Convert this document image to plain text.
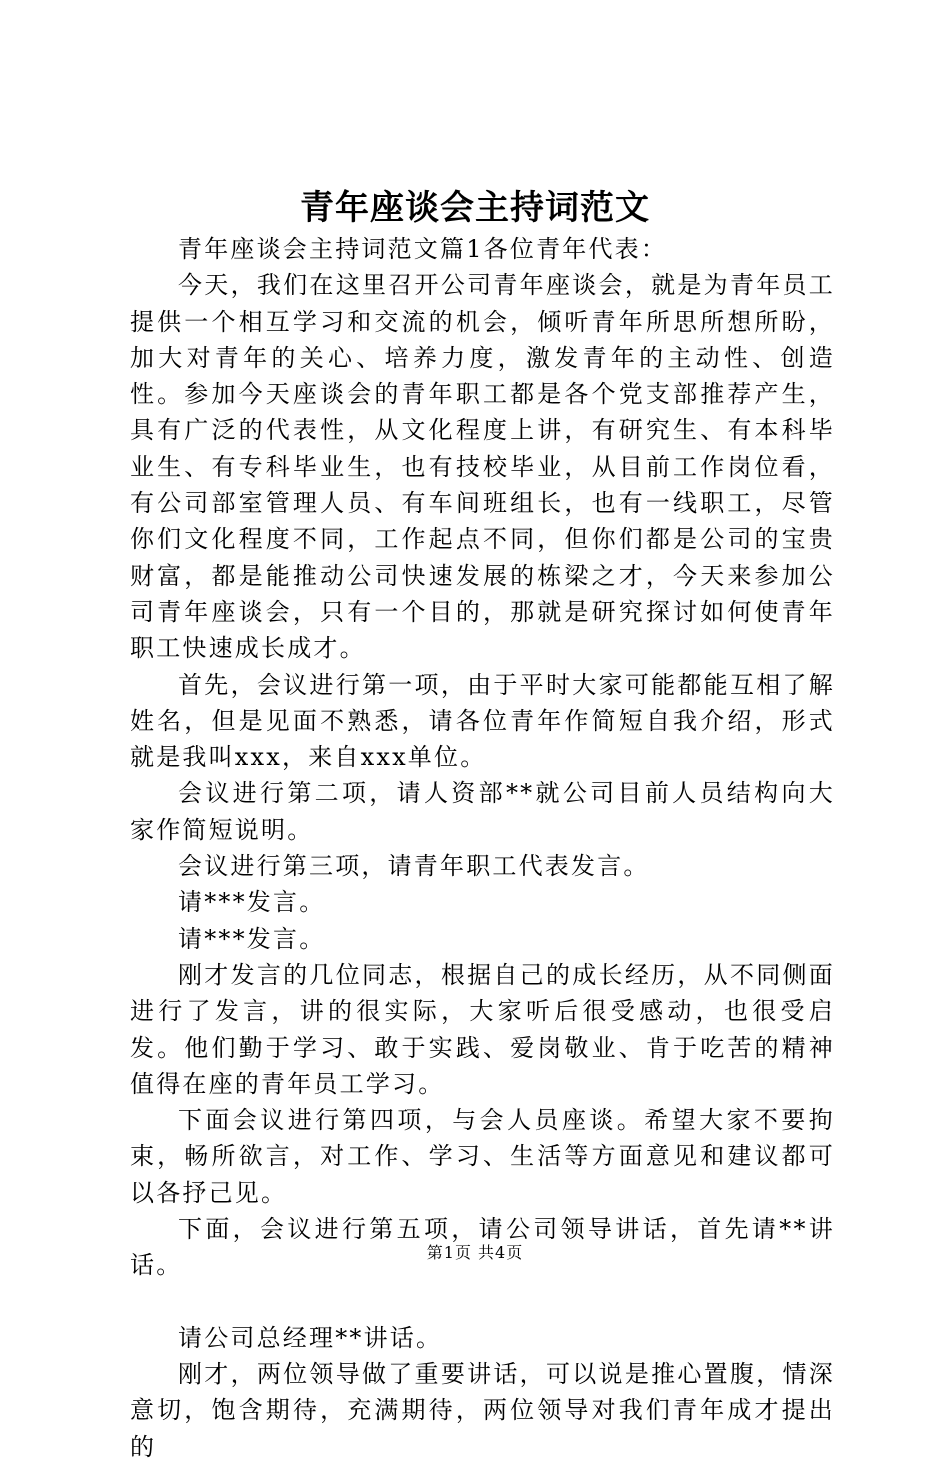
青年座谈会主持词范文

青年座谈会主持词范文篇1各位青年代表：

今天，我们在这里召开公司青年座谈会，就是为青年员工提供一个相互学习和交流的机会，倾听青年所思所想所盼，加大对青年的关心、培养力度，激发青年的主动性、创造性。参加今天座谈会的青年职工都是各个党支部推荐产生，具有广泛的代表性，从文化程度上讲，有研究生、有本科毕业生、有专科毕业生，也有技校毕业，从目前工作岗位看，有公司部室管理人员、有车间班组长，也有一线职工，尽管你们文化程度不同，工作起点不同，但你们都是公司的宝贵财富，都是能推动公司快速发展的栋梁之才，今天来参加公司青年座谈会，只有一个目的，那就是研究探讨如何使青年职工快速成长成才。

首先，会议进行第一项，由于平时大家可能都能互相了解姓名，但是见面不熟悉，请各位青年作简短自我介绍，形式就是我叫xxx，来自xxx单位。

会议进行第二项，请人资部**就公司目前人员结构向大家作简短说明。

会议进行第三项，请青年职工代表发言。

请***发言。

请***发言。

刚才发言的几位同志，根据自己的成长经历，从不同侧面进行了发言，讲的很实际，大家听后很受感动，也很受启发。他们勤于学习、敢于实践、爱岗敬业、肯于吃苦的精神值得在座的青年员工学习。

下面会议进行第四项，与会人员座谈。希望大家不要拘束，畅所欲言，对工作、学习、生活等方面意见和建议都可以各抒己见。

下面，会议进行第五项，请公司领导讲话，首先请**讲话。

请公司总经理**讲话。

刚才，两位领导做了重要讲话，可以说是推心置腹，情深意切，饱含期待，充满期待，两位领导对我们青年成才提出的

第1页 共4页
